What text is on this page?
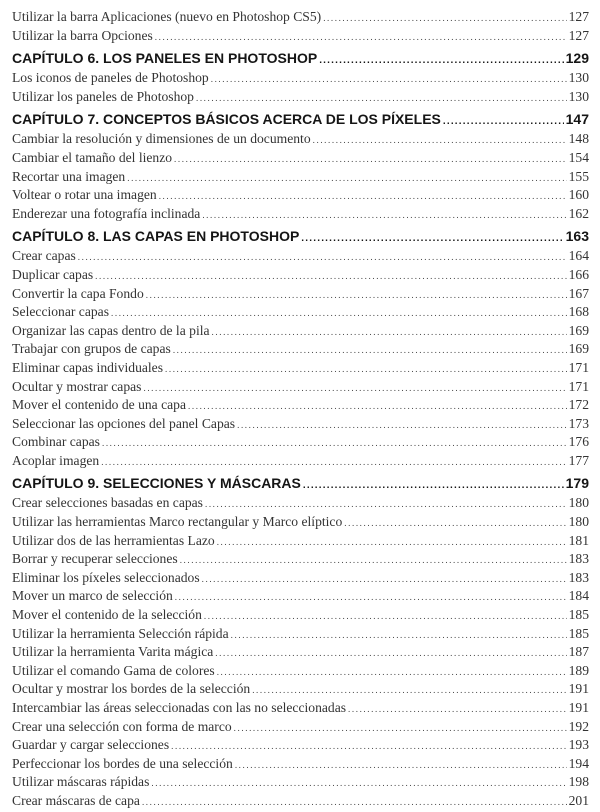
Utilizar la barra Aplicaciones (nuevo en Photoshop CS5) .....	127
Utilizar la barra Opciones .....	127
CAPÍTULO 6. LOS PANELES EN PHOTOSHOP .....	129
Los iconos de paneles de Photoshop .....	130
Utilizar los paneles de Photoshop .....	130
CAPÍTULO 7. CONCEPTOS BÁSICOS ACERCA DE LOS PÍXELES .....	147
Cambiar la resolución y dimensiones de un documento .....	148
Cambiar el tamaño del lienzo .....	154
Recortar una imagen .....	155
Voltear o rotar una imagen .....	160
Enderezar una fotografía inclinada .....	162
CAPÍTULO 8. LAS CAPAS EN PHOTOSHOP .....	163
Crear capas .....	164
Duplicar capas .....	166
Convertir la capa Fondo .....	167
Seleccionar capas .....	168
Organizar las capas dentro de la pila .....	169
Trabajar con grupos de capas .....	169
Eliminar capas individuales .....	171
Ocultar y mostrar capas .....	171
Mover el contenido de una capa .....	172
Seleccionar las opciones del panel Capas .....	173
Combinar capas .....	176
Acoplar imagen .....	177
CAPÍTULO 9. SELECCIONES Y MÁSCARAS .....	179
Crear selecciones basadas en capas .....	180
Utilizar las herramientas Marco rectangular y Marco elíptico .....	180
Utilizar dos de las herramientas Lazo .....	181
Borrar y recuperar selecciones .....	183
Eliminar los píxeles seleccionados .....	183
Mover un marco de selección .....	184
Mover el contenido de la selección .....	185
Utilizar la herramienta Selección rápida .....	185
Utilizar la herramienta Varita mágica .....	187
Utilizar el comando Gama de colores .....	189
Ocultar y mostrar los bordes de la selección .....	191
Intercambiar las áreas seleccionadas con las no seleccionadas .....	191
Crear una selección con forma de marco .....	192
Guardar y cargar selecciones .....	193
Perfeccionar los bordes de una selección .....	194
Utilizar máscaras rápidas .....	198
Crear máscaras de capa .....	201
